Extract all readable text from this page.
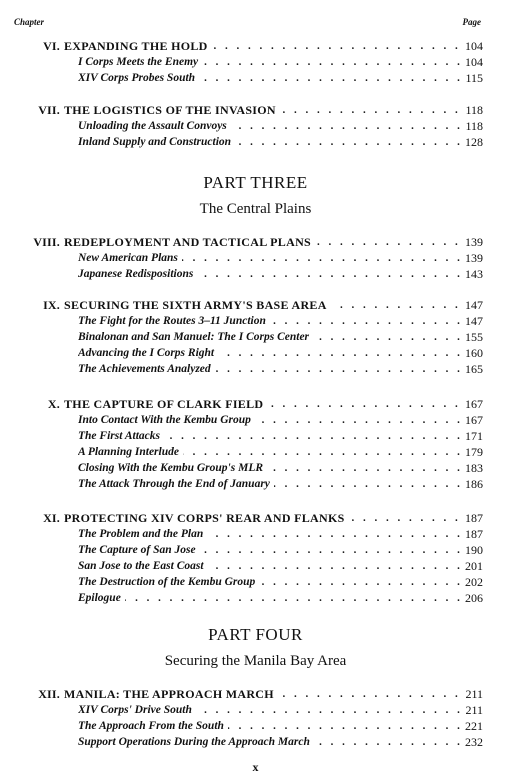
Chapter	Page
PART THREE
The Central Plains
PART FOUR
Securing the Manila Bay Area
VI. EXPANDING THE HOLD . . .	104
I Corps Meets the Enemy . . .	104
XIV Corps Probes South . . .	115
VII. THE LOGISTICS OF THE INVASION . . .	118
Unloading the Assault Convoys . . .	118
Inland Supply and Construction . . .	128
VIII. REDEPLOYMENT AND TACTICAL PLANS . . .	139
New American Plans . . .	139
Japanese Redispositions . . .	143
IX. SECURING THE SIXTH ARMY'S BASE AREA . . .	147
The Fight for the Routes 3–11 Junction . . .	147
Binalonan and San Manuel: The I Corps Center . . .	155
Advancing the I Corps Right . . .	160
The Achievements Analyzed . . .	165
X. THE CAPTURE OF CLARK FIELD . . .	167
Into Contact With the Kembu Group . . .	167
The First Attacks . . .	171
A Planning Interlude . . .	179
Closing With the Kembu Group's MLR . . .	183
The Attack Through the End of January . . .	186
XI. PROTECTING XIV CORPS' REAR AND FLANKS . . .	187
The Problem and the Plan . . .	187
The Capture of San Jose . . .	190
San Jose to the East Coast . . .	201
The Destruction of the Kembu Group . . .	202
Epilogue . . .	206
XII. MANILA: THE APPROACH MARCH . . .	211
XIV Corps' Drive South . . .	211
The Approach From the South . . .	221
Support Operations During the Approach March . . .	232
x
